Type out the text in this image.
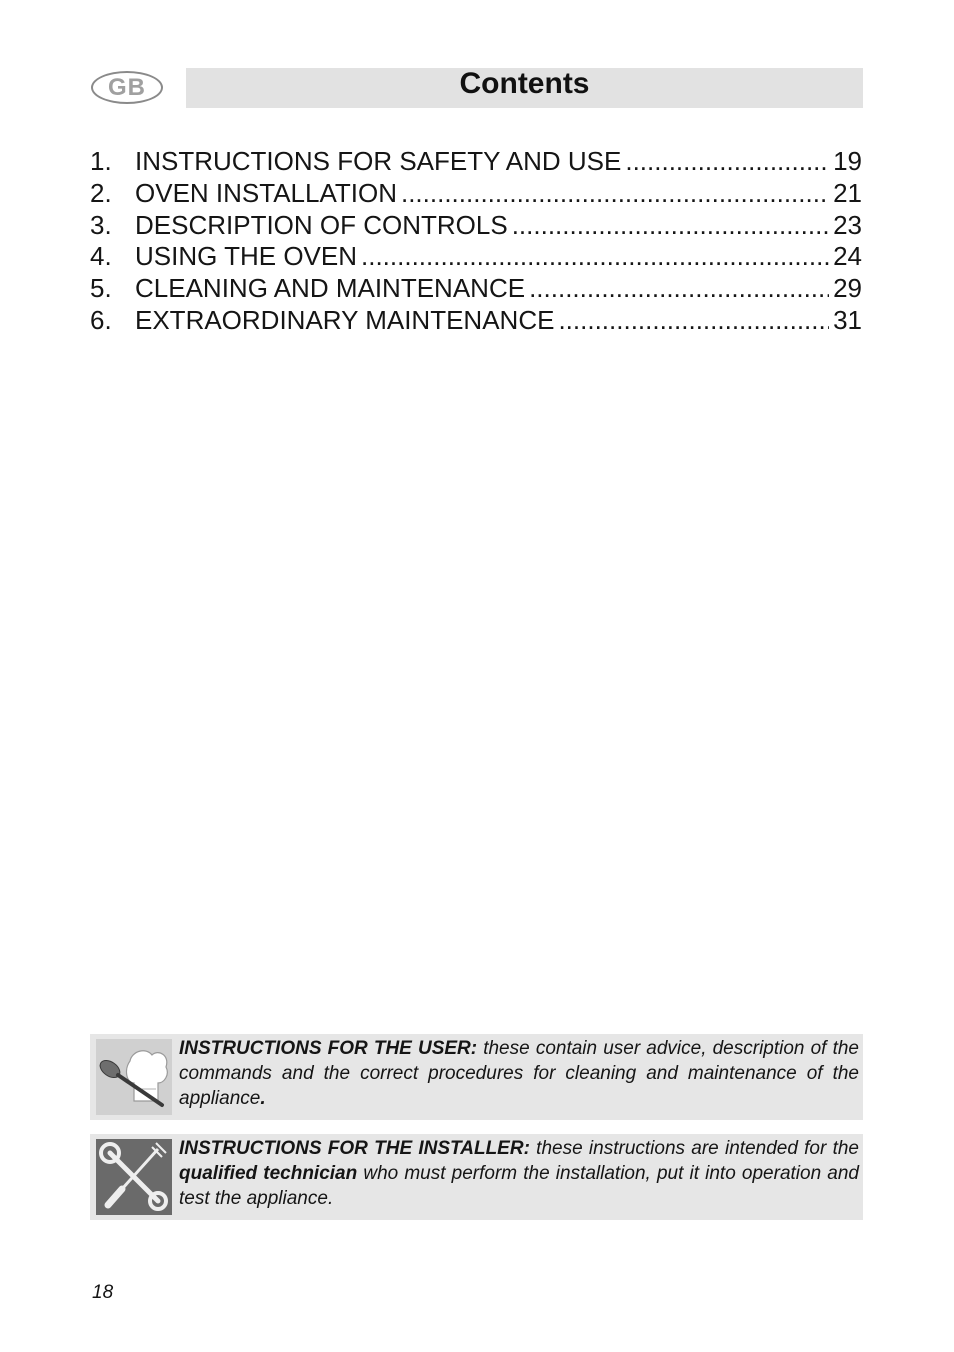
GB	Contents
1. INSTRUCTIONS FOR SAFETY AND USE .....	19
2. OVEN INSTALLATION .....	21
3. DESCRIPTION OF CONTROLS .....	23
4. USING THE OVEN .....	24
5. CLEANING AND MAINTENANCE .....	29
6. EXTRAORDINARY MAINTENANCE .....	31
INSTRUCTIONS FOR THE USER: these contain user advice, description of the commands and the correct procedures for cleaning and maintenance of the appliance.
INSTRUCTIONS FOR THE INSTALLER: these instructions are intended for the qualified technician who must perform the installation, put it into operation and test the appliance.
18
